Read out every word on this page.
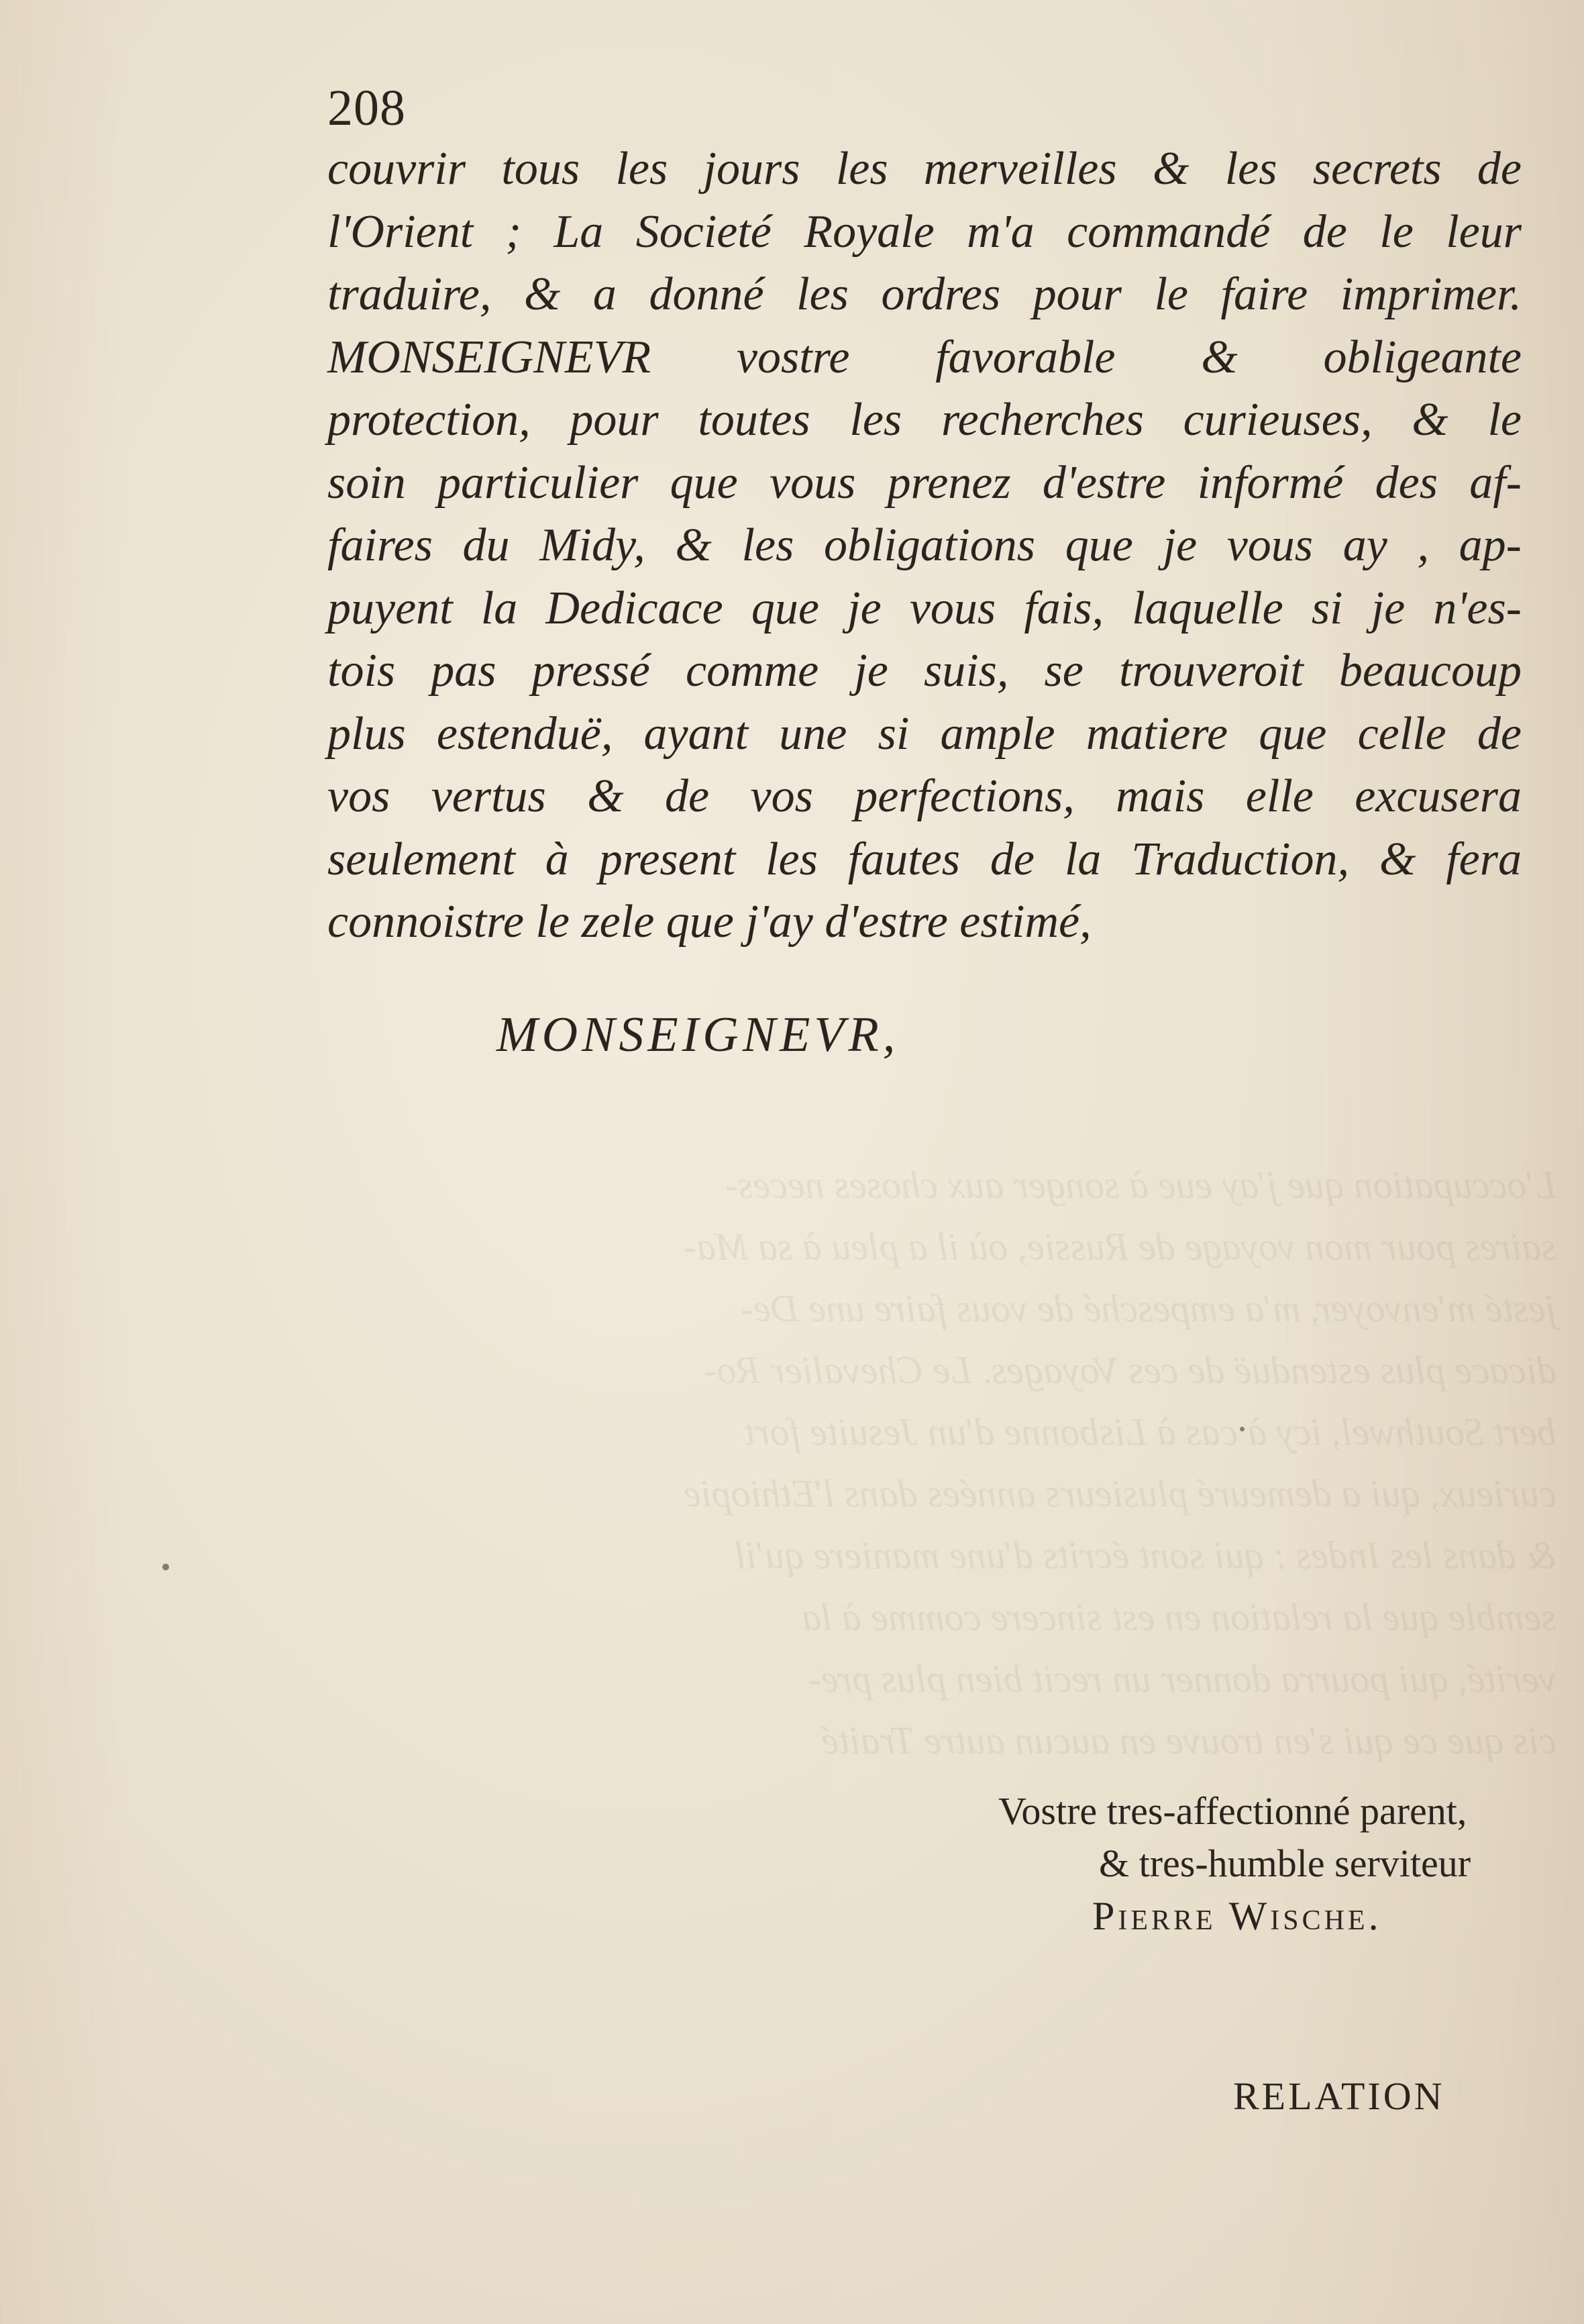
L'occupation que j'ay eue à songer aux choses neces-
saires pour mon voyage de Russie, où il a pleu à sa Ma-
jesté m'envoyer, m'a empesché de vous faire une De-
dicace plus estenduë de ces Voyages. Le Chevalier Ro-
bert Southwel, icy à cas à Lisbonne d'un Jesuite fort
curieux, qui a demeuré plusieurs années dans l'Ethiopie
& dans les Indes : qui sont écrits d'une maniere qu'il
semble que la relation en est sincere comme à la
verité, qui pourra donner un recit bien plus pre-
cis que ce qui s'en trouve en aucun autre Traité
208
couvrir tous les jours les merveilles & les secrets de
l'Orient ; La Societé Royale m'a commandé de le leur
traduire, & a donné les ordres pour le faire imprimer.
MONSEIGNEVR vostre favorable & obligeante
protection, pour toutes les recherches curieuses, & le
soin particulier que vous prenez d'estre informé des af-
faires du Midy, & les obligations que je vous ay , ap-
puyent la Dedicace que je vous fais, laquelle si je n'es-
tois pas pressé comme je suis, se trouveroit beaucoup
plus estenduë, ayant une si ample matiere que celle de
vos vertus & de vos perfections, mais elle excusera
seulement à present les fautes de la Traduction, & fera
connoistre le zele que j'ay d'estre estimé,
MONSEIGNEVR,
Vostre tres-affectionné parent,
& tres-humble serviteur
Pierre Wische.
RELATION
